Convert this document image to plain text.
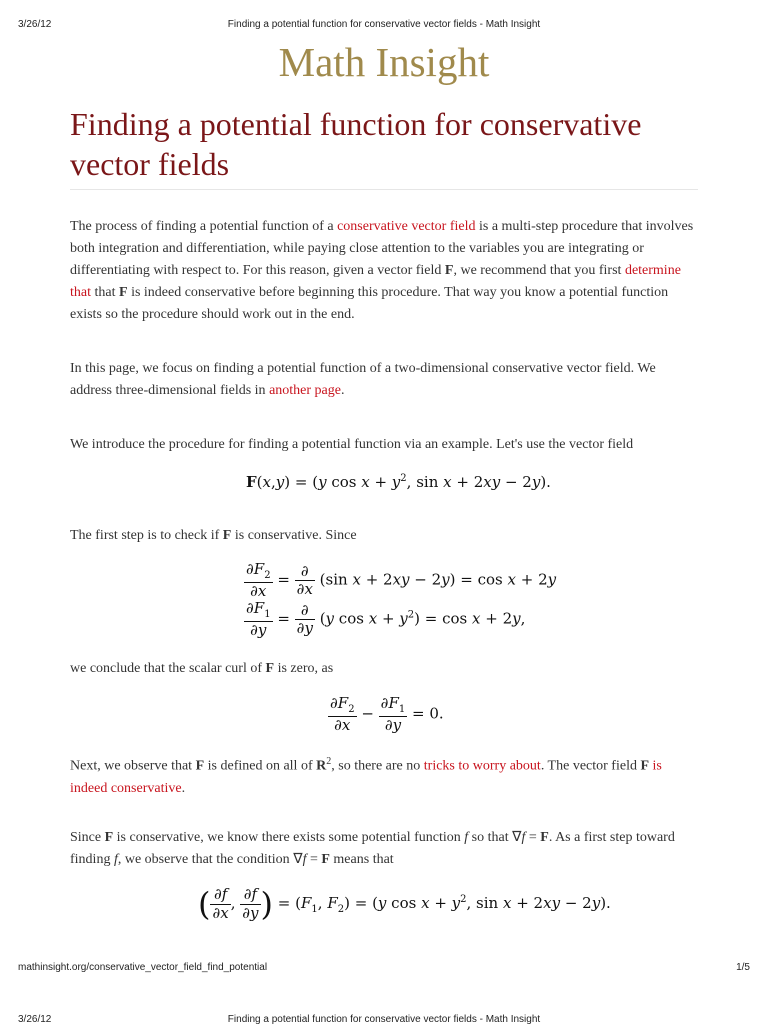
3/26/12	Finding a potential function for conservative vector fields - Math Insight
Math Insight
Finding a potential function for conservative vector fields

The process of finding a potential function of a conservative vector field is a multi-step procedure that involves both integration and differentiation, while paying close attention to the variables you are integrating or differentiating with respect to. For this reason, given a vector field F, we recommend that you first determine that that F is indeed conservative before beginning this procedure. That way you know a potential function exists so the procedure should work out in the end.

In this page, we focus on finding a potential function of a two-dimensional conservative vector field. We address three-dimensional fields in another page.

We introduce the procedure for finding a potential function via an example. Let's use the vector field

F(x,y) = (y $\cos x + y^2$, sin x + 2xy − 2y).

The first step is to check if F is conservative. Since

$\frac{\partial F_2}{\partial x} = \frac{\partial}{\partial x} (\sin$ x + 2xy − 2y) = cos x + 2y
$\frac{\partial F_1}{\partial y} = \frac{\partial}{\partial y} (y$ $\cos x + y^2) = \cos x + 2y$,

we conclude that the scalar curl of F is zero, as

$\frac{\partial F_2}{\partial x} - \frac{\partial F_1}{\partial y} = 0$.

Next, we observe that F is defined on all of $R^2$, so there are no tricks to worry about. The vector field F is indeed conservative.

Since F is conservative, we know there exists some potential function f so that ∇f = F. As a first step toward finding f, we observe that the condition ∇f = F means that

( $\frac{\partial f}{\partial x}$ , $\frac{\partial f}{\partial y}$ ) = ($F_1$, $F_2) = (y$ $\cos x + y^2$, sin x + 2xy − 2y).
mathinsight.org/conservative_vector_field_find_potential	1/5
3/26/12	Finding a potential function for conservative vector fields - Math Insight
